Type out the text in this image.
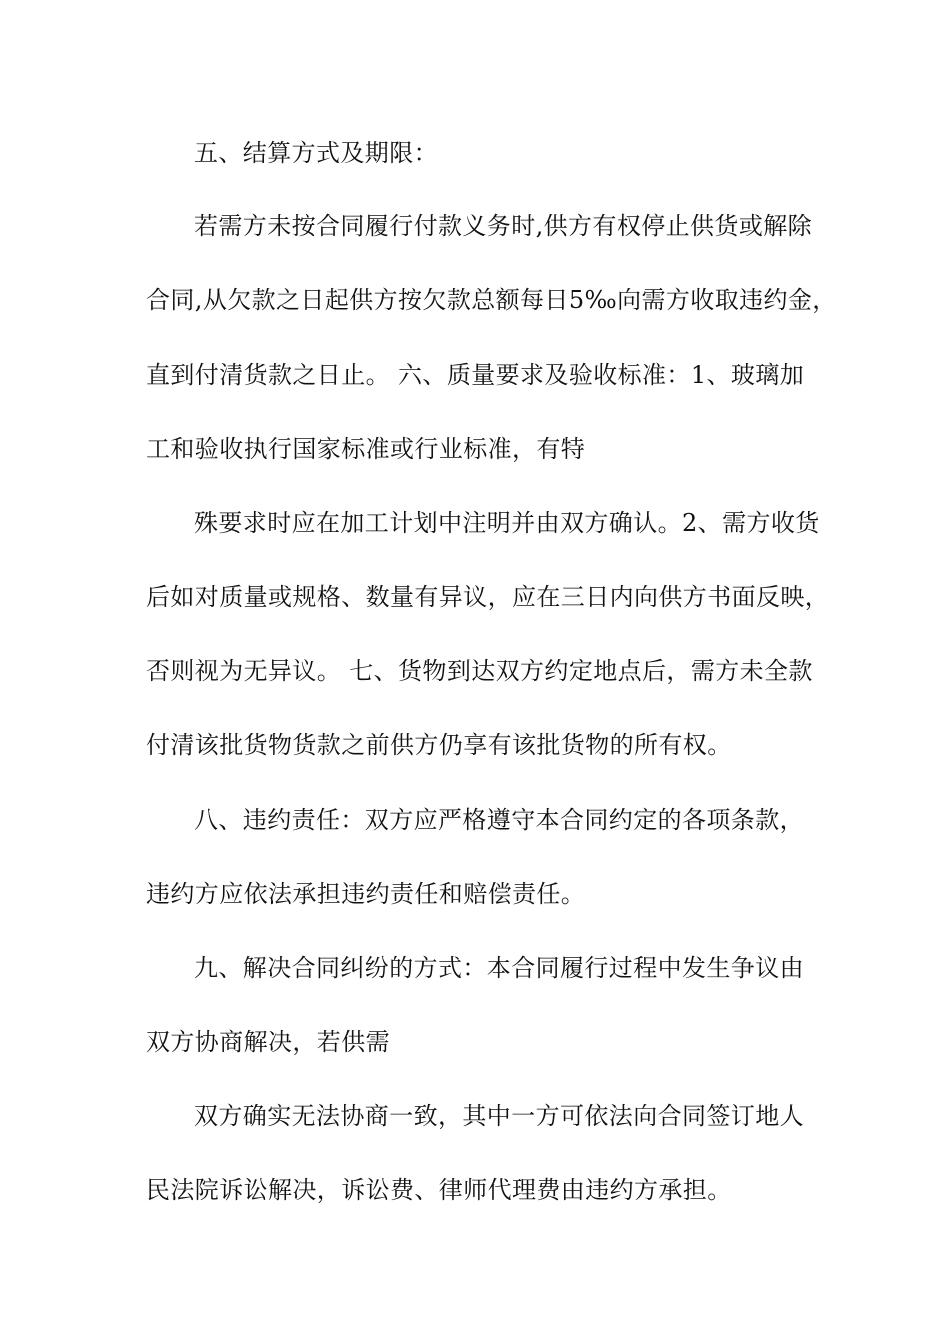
五、结算方式及期限：
若需方未按合同履行付款义务时,供方有权停止供货或解除
合同,从欠款之日起供方按欠款总额每日5‰向需方收取违约金，
直到付清货款之日止。 六、质量要求及验收标准：1、玻璃加
工和验收执行国家标准或行业标准，有特
殊要求时应在加工计划中注明并由双方确认。2、需方收货
后如对质量或规格、数量有异议，应在三日内向供方书面反映，
否则视为无异议。 七、货物到达双方约定地点后，需方未全款
付清该批货物货款之前供方仍享有该批货物的所有权。
八、违约责任：双方应严格遵守本合同约定的各项条款，
违约方应依法承担违约责任和赔偿责任。
九、解决合同纠纷的方式：本合同履行过程中发生争议由
双方协商解决，若供需
双方确实无法协商一致，其中一方可依法向合同签订地人
民法院诉讼解决，诉讼费、律师代理费由违约方承担。
